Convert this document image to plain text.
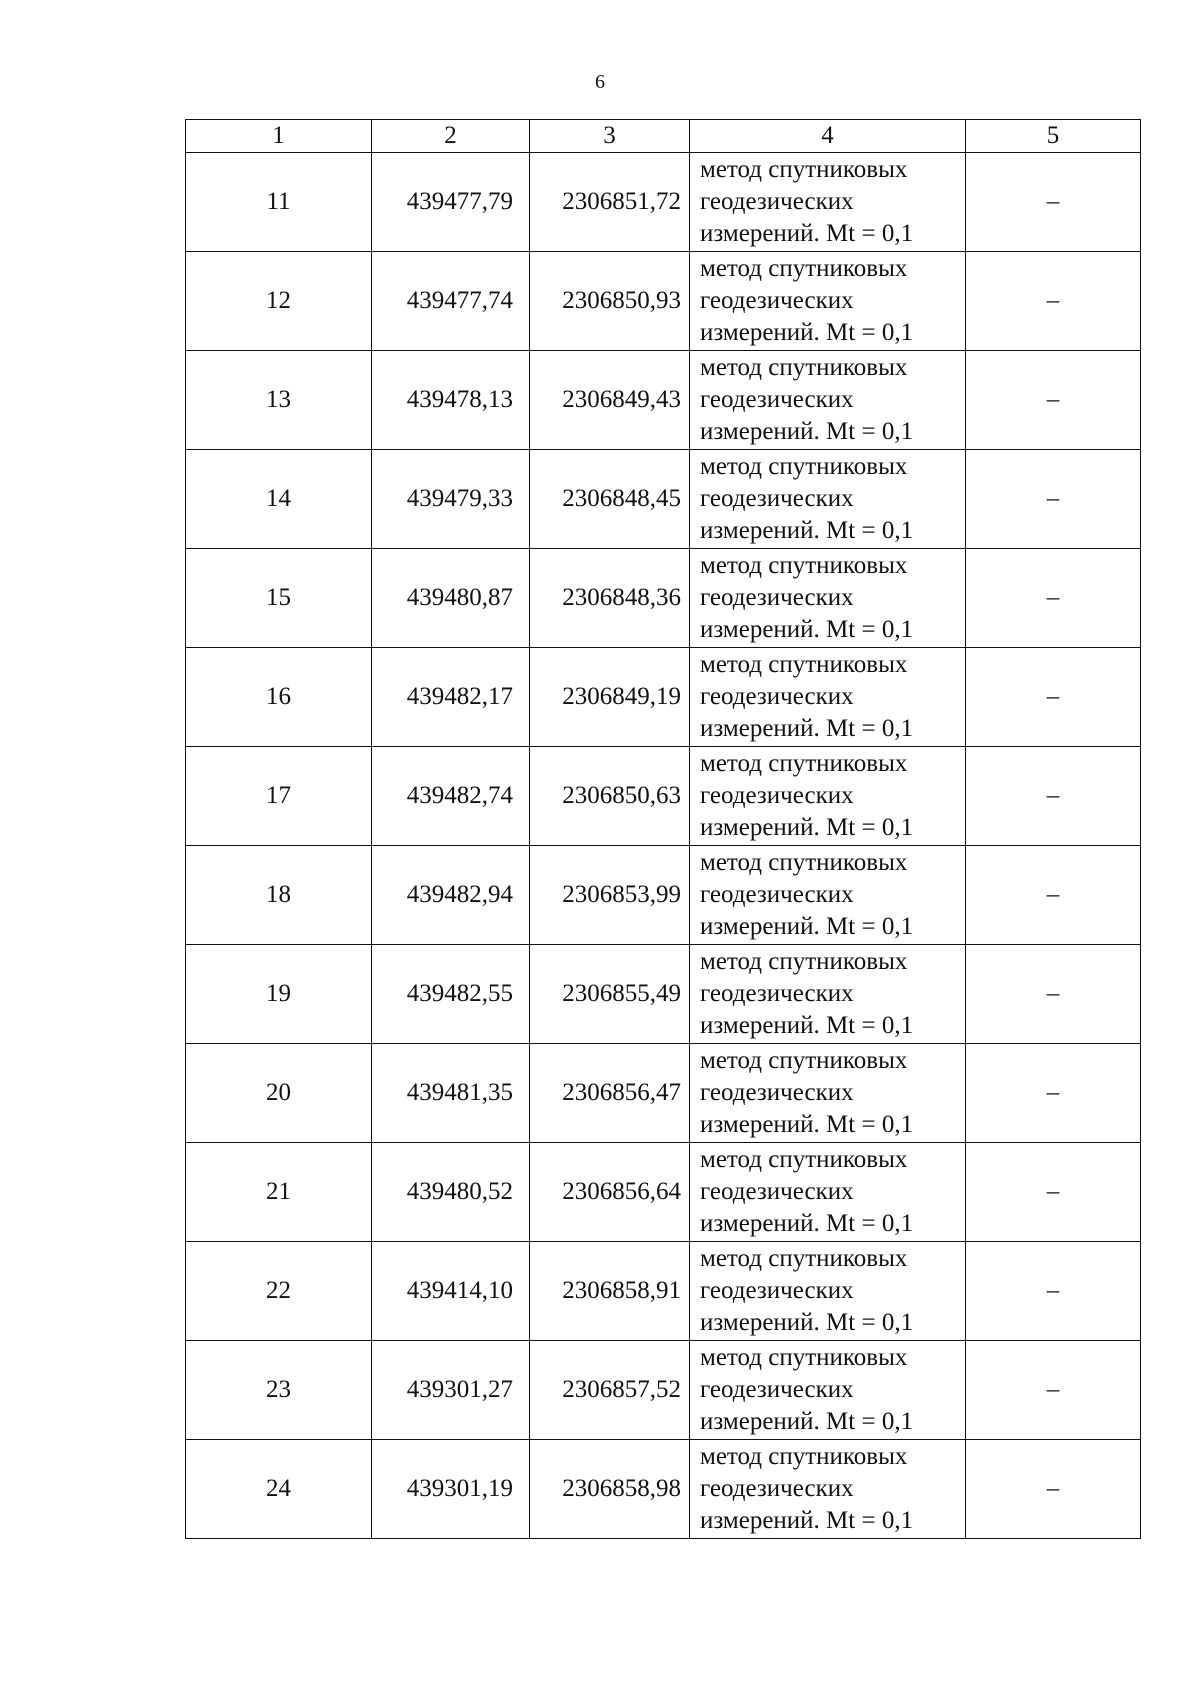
6
1	2	3	4	5
11	439477,79	2306851,72	метод спутниковых
геодезических
измерений. Mt = 0,1	–
12	439477,74	2306850,93	метод спутниковых
геодезических
измерений. Mt = 0,1	–
13	439478,13	2306849,43	метод спутниковых
геодезических
измерений. Mt = 0,1	–
14	439479,33	2306848,45	метод спутниковых
геодезических
измерений. Mt = 0,1	–
15	439480,87	2306848,36	метод спутниковых
геодезических
измерений. Mt = 0,1	–
16	439482,17	2306849,19	метод спутниковых
геодезических
измерений. Mt = 0,1	–
17	439482,74	2306850,63	метод спутниковых
геодезических
измерений. Mt = 0,1	–
18	439482,94	2306853,99	метод спутниковых
геодезических
измерений. Mt = 0,1	–
19	439482,55	2306855,49	метод спутниковых
геодезических
измерений. Mt = 0,1	–
20	439481,35	2306856,47	метод спутниковых
геодезических
измерений. Mt = 0,1	–
21	439480,52	2306856,64	метод спутниковых
геодезических
измерений. Mt = 0,1	–
22	439414,10	2306858,91	метод спутниковых
геодезических
измерений. Mt = 0,1	–
23	439301,27	2306857,52	метод спутниковых
геодезических
измерений. Mt = 0,1	–
24	439301,19	2306858,98	метод спутниковых
геодезических
измерений. Mt = 0,1	–
